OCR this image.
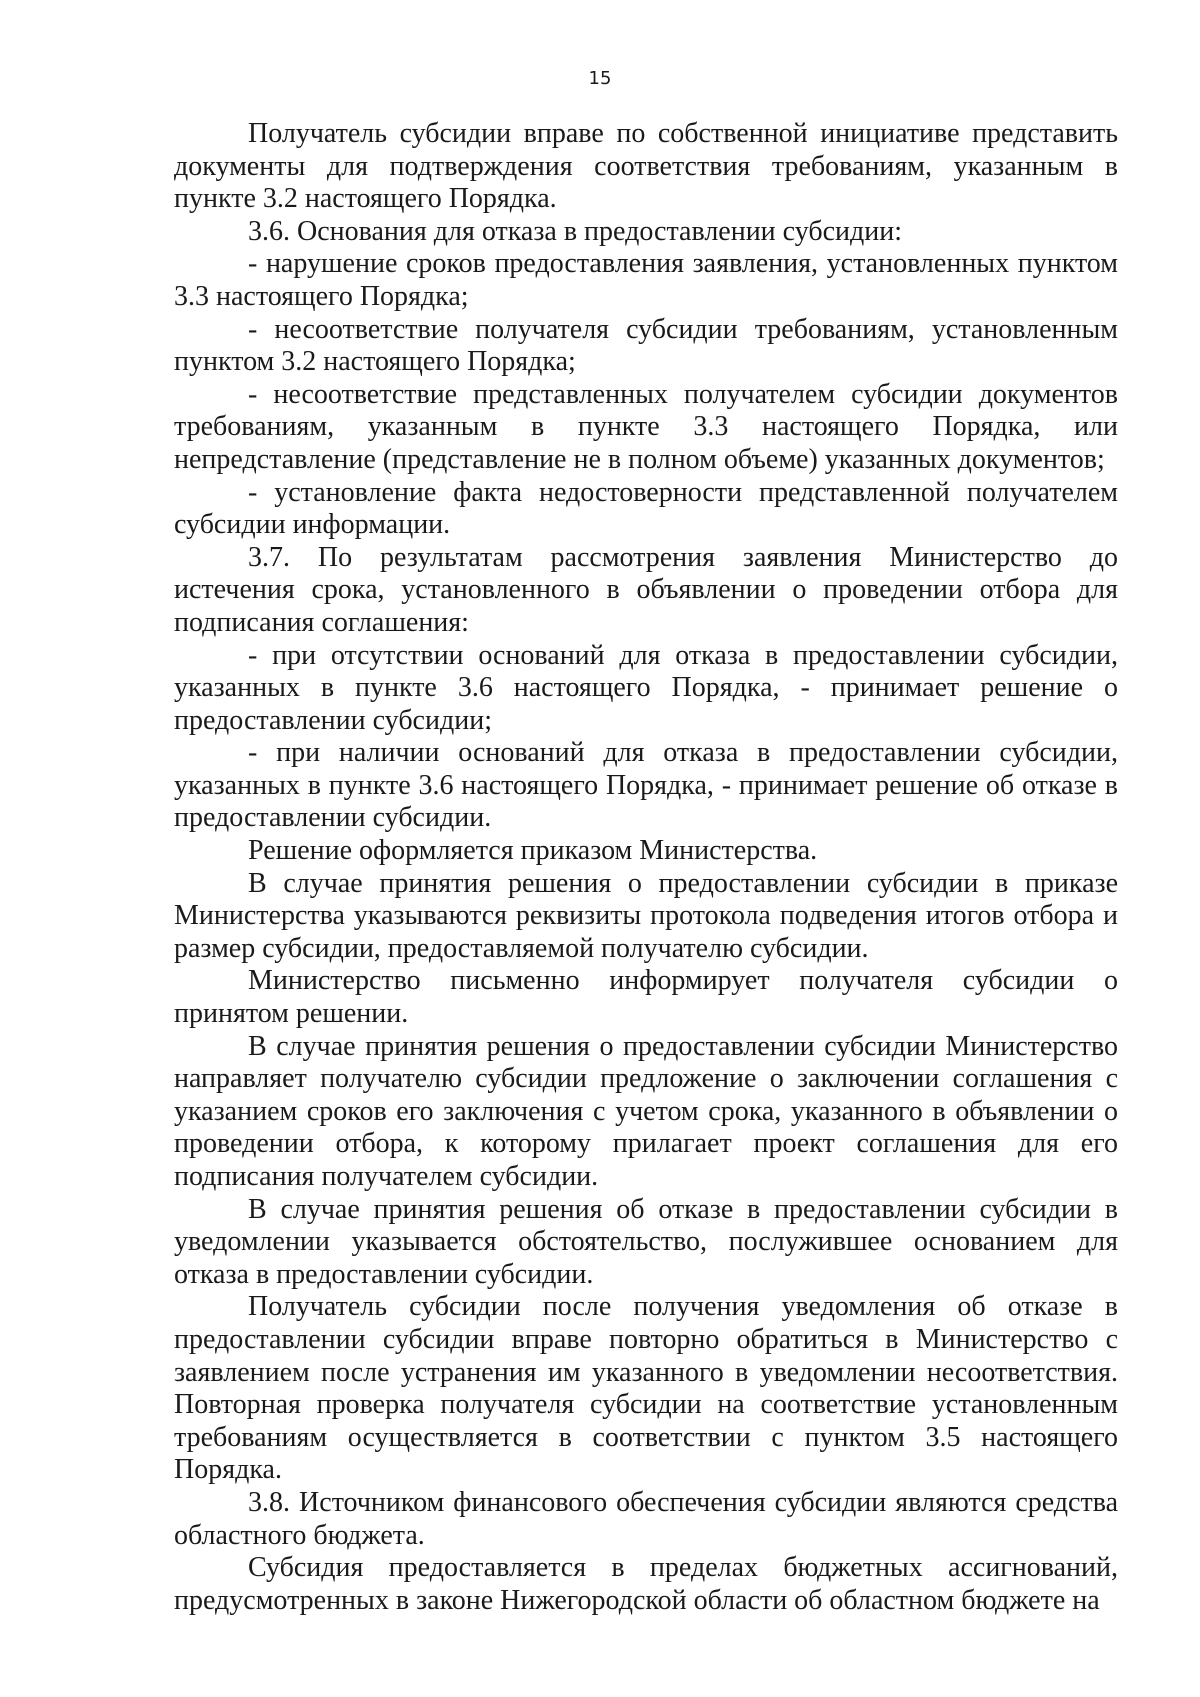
15

Получатель субсидии вправе по собственной инициативе представить документы для подтверждения соответствия требованиям, указанным в пункте 3.2 настоящего Порядка.

3.6. Основания для отказа в предоставлении субсидии:

- нарушение сроков предоставления заявления, установленных пунктом 3.3 настоящего Порядка;

- несоответствие получателя субсидии требованиям, установленным пунктом 3.2 настоящего Порядка;

- несоответствие представленных получателем субсидии документов требованиям, указанным в пункте 3.3 настоящего Порядка, или непредставление (представление не в полном объеме) указанных документов;

- установление факта недостоверности представленной получателем субсидии информации.

3.7. По результатам рассмотрения заявления Министерство до истечения срока, установленного в объявлении о проведении отбора для подписания соглашения:

- при отсутствии оснований для отказа в предоставлении субсидии, указанных в пункте 3.6 настоящего Порядка, - принимает решение о предоставлении субсидии;

- при наличии оснований для отказа в предоставлении субсидии, указанных в пункте 3.6 настоящего Порядка, - принимает решение об отказе в предоставлении субсидии.

Решение оформляется приказом Министерства.

В случае принятия решения о предоставлении субсидии в приказе Министерства указываются реквизиты протокола подведения итогов отбора и размер субсидии, предоставляемой получателю субсидии.

Министерство письменно информирует получателя субсидии о принятом решении.

В случае принятия решения о предоставлении субсидии Министерство направляет получателю субсидии предложение о заключении соглашения с указанием сроков его заключения с учетом срока, указанного в объявлении о проведении отбора, к которому прилагает проект соглашения для его подписания получателем субсидии.

В случае принятия решения об отказе в предоставлении субсидии в уведомлении указывается обстоятельство, послужившее основанием для отказа в предоставлении субсидии.

Получатель субсидии после получения уведомления об отказе в предоставлении субсидии вправе повторно обратиться в Министерство с заявлением после устранения им указанного в уведомлении несоответствия. Повторная проверка получателя субсидии на соответствие установленным требованиям осуществляется в соответствии с пунктом 3.5 настоящего Порядка.

3.8. Источником финансового обеспечения субсидии являются средства областного бюджета.

Субсидия предоставляется в пределах бюджетных ассигнований, предусмотренных в законе Нижегородской области об областном бюджете на
